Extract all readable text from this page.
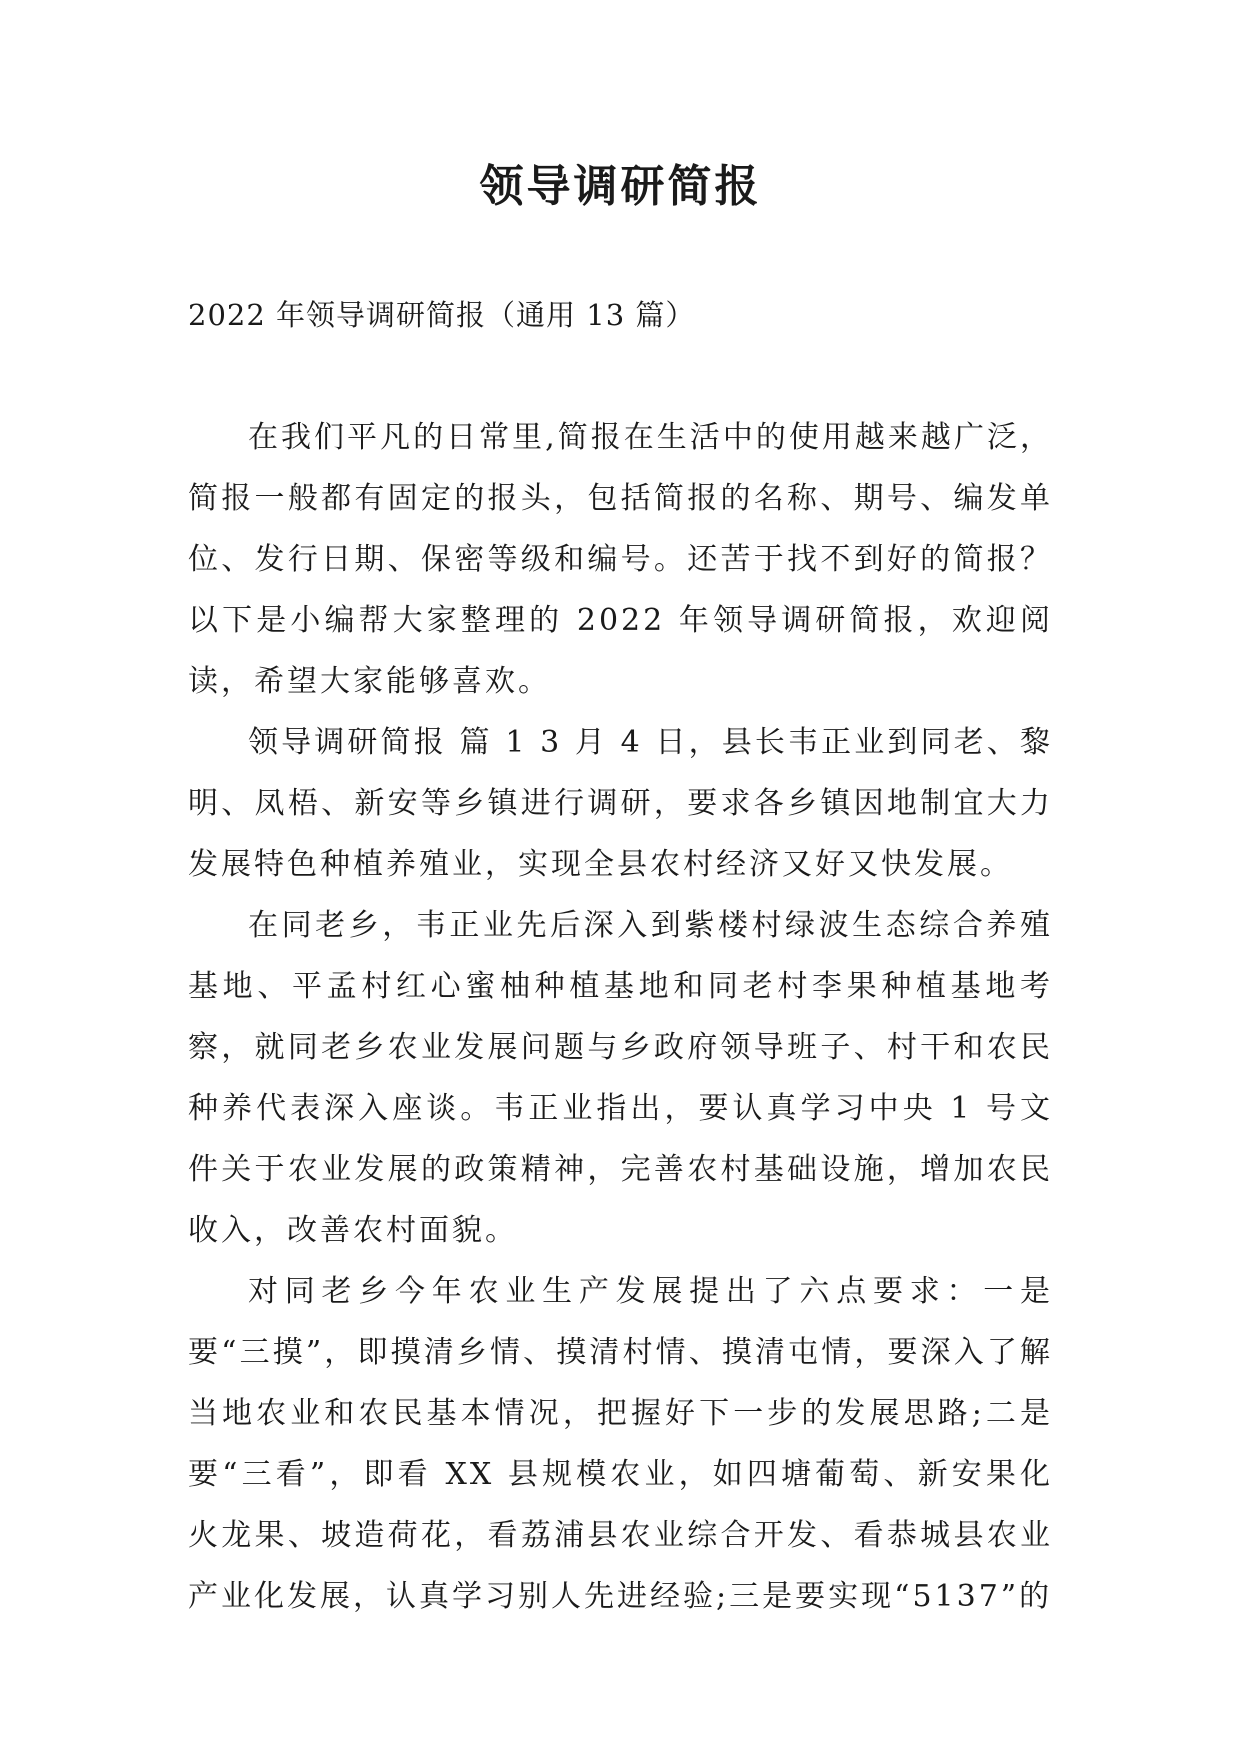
领导调研简报
2022 年领导调研简报（通用 13 篇）

在我们平凡的日常里,简报在生活中的使用越来越广泛，简报一般都有固定的报头，包括简报的名称、期号、编发单位、发行日期、保密等级和编号。还苦于找不到好的简报？以下是小编帮大家整理的 2022 年领导调研简报，欢迎阅读，希望大家能够喜欢。

领导调研简报 篇 1 3 月 4 日，县长韦正业到同老、黎明、凤梧、新安等乡镇进行调研，要求各乡镇因地制宜大力发展特色种植养殖业，实现全县农村经济又好又快发展。

在同老乡，韦正业先后深入到紫楼村绿波生态综合养殖基地、平孟村红心蜜柚种植基地和同老村李果种植基地考察，就同老乡农业发展问题与乡政府领导班子、村干和农民种养代表深入座谈。韦正业指出，要认真学习中央 1 号文件关于农业发展的政策精神，完善农村基础设施，增加农民收入，改善农村面貌。

对同老乡今年农业生产发展提出了六点要求：一是要“三摸”，即摸清乡情、摸清村情、摸清屯情，要深入了解当地农业和农民基本情况，把握好下一步的发展思路;二是要“三看”，即看 XX 县规模农业，如四塘葡萄、新安果化火龙果、坡造荷花，看荔浦县农业综合开发、看恭城县农业产业化发展，认真学习别人先进经验;三是要实现“5137”的
